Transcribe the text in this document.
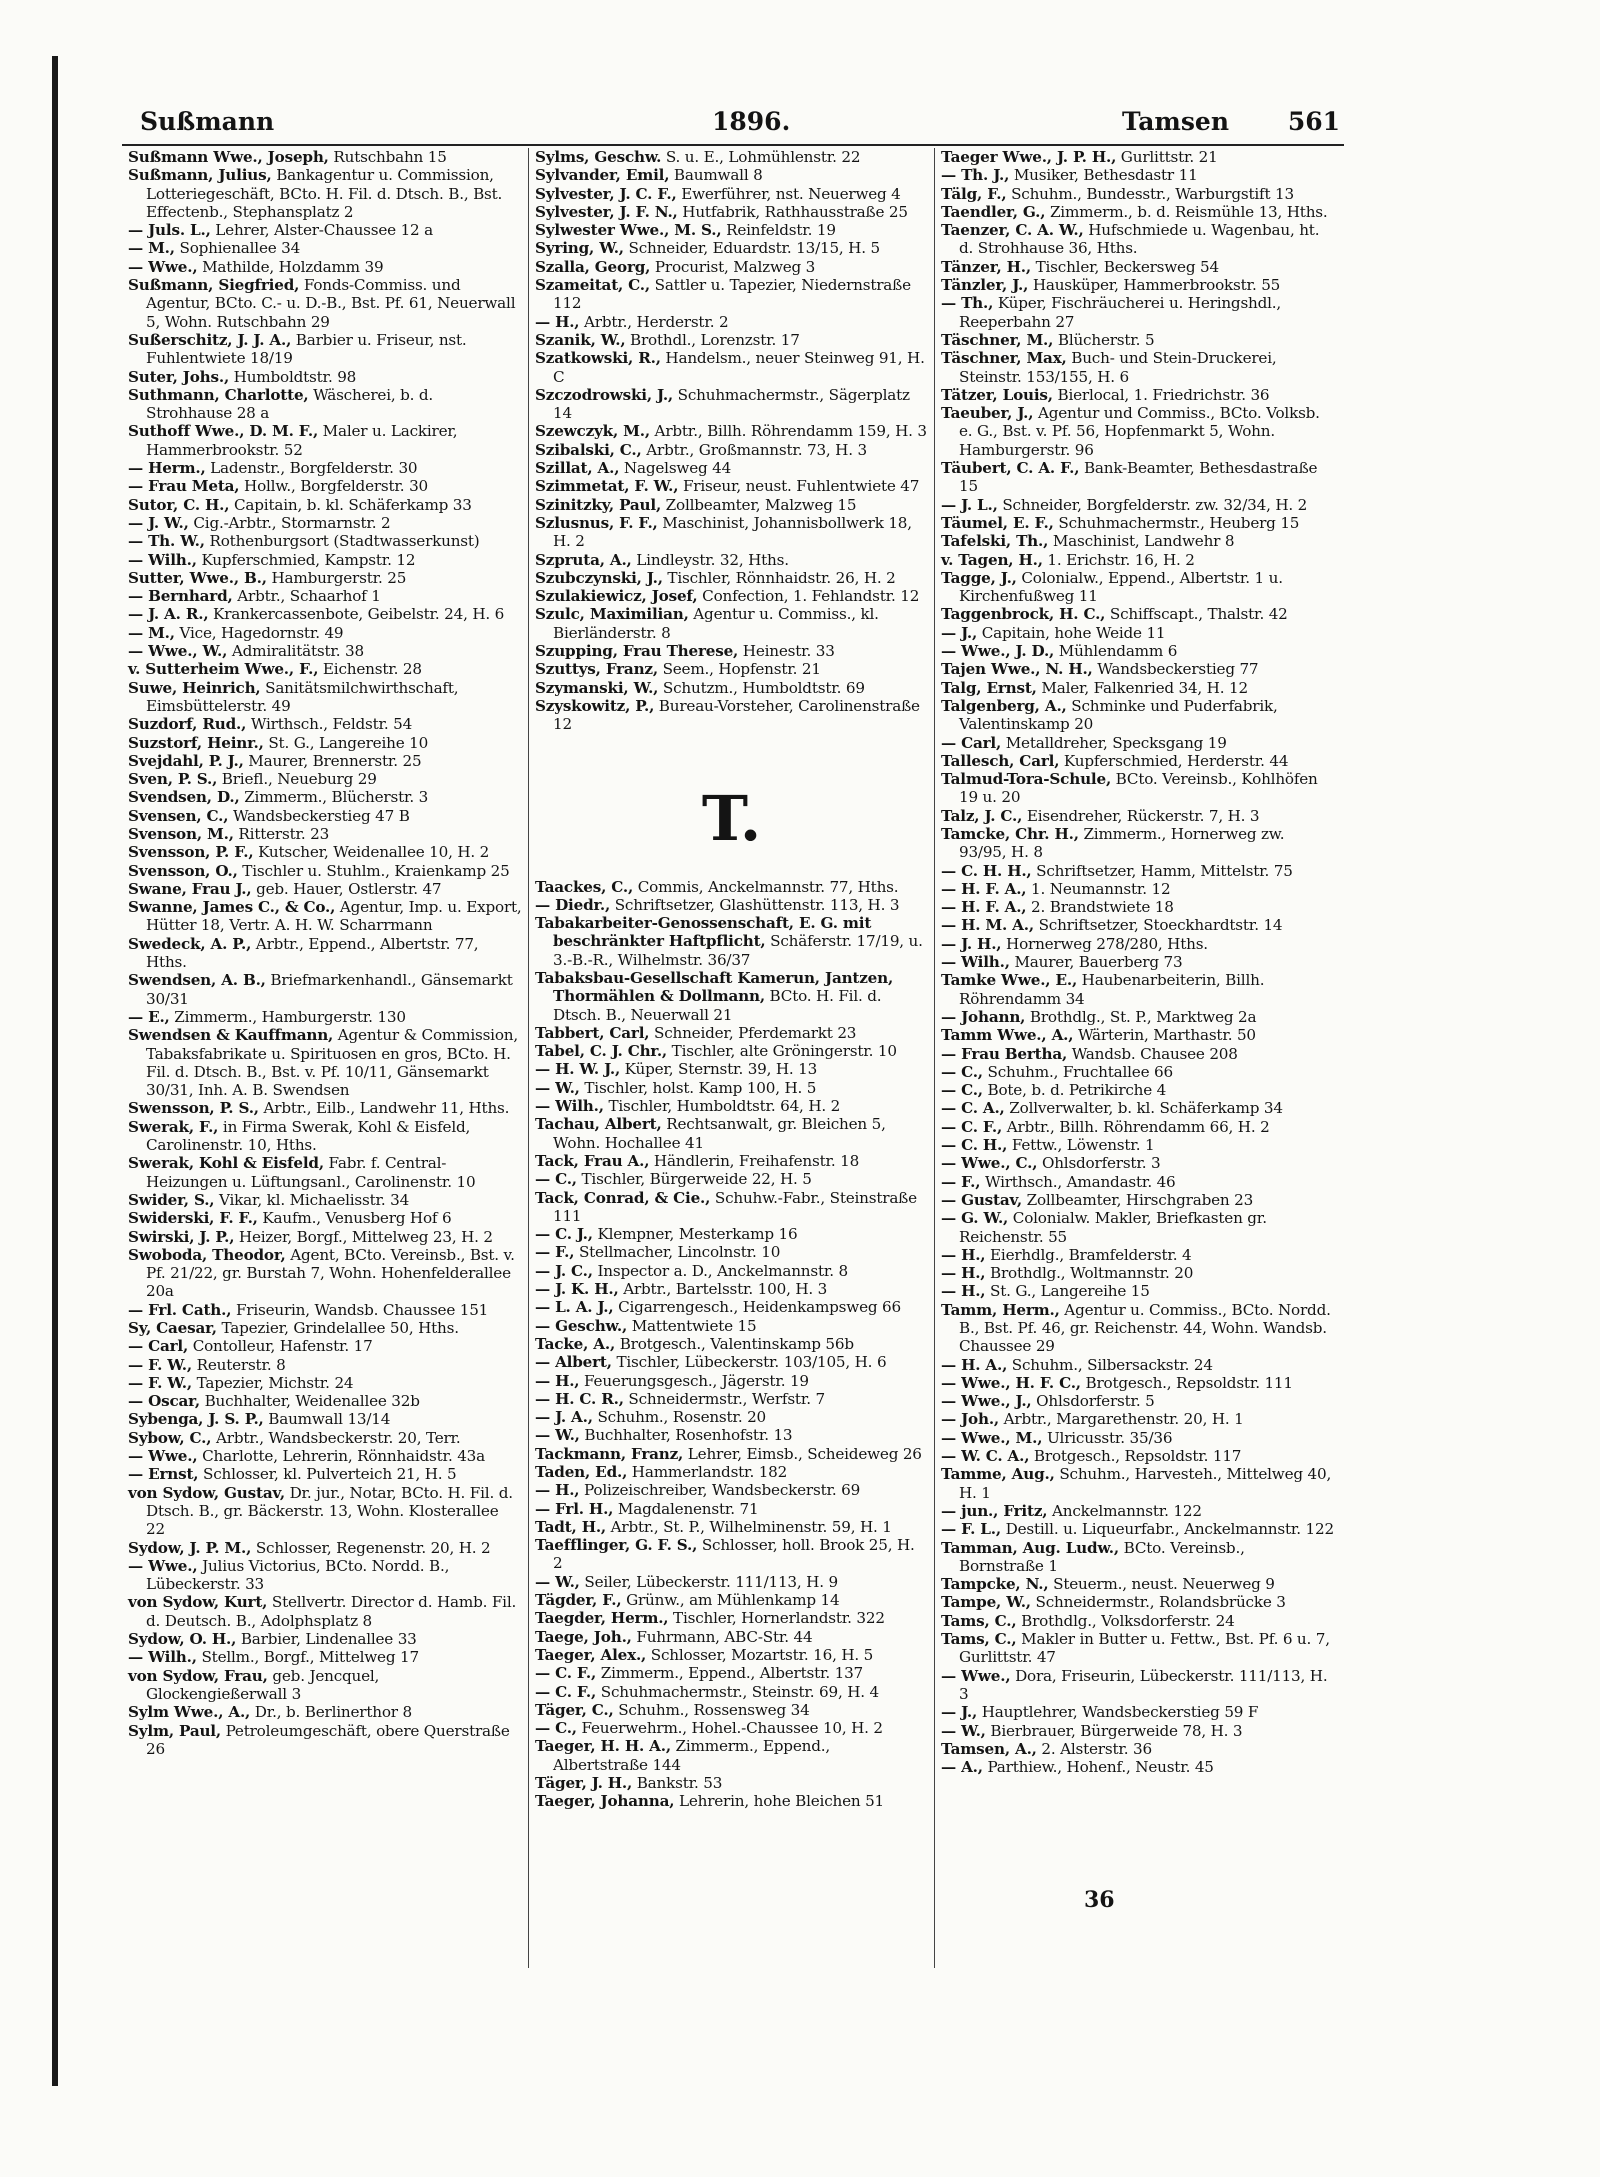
Sußmann	1896.	Tamsen 561

Sußmann Wwe., Joseph, Rutschbahn 15

Sußmann, Julius, Bankagentur u. Commission, Lotteriegeschäft, BCto. H. Fil. d. Dtsch. B., Bst. Effectenb., Stephansplatz 2

— Juls. L., Lehrer, Alster-Chaussee 12 a

— M., Sophienallee 34

— Wwe., Mathilde, Holzdamm 39

Sußmann, Siegfried, Fonds-Commiss. und Agentur, BCto. C.- u. D.-B., Bst. Pf. 61, Neuerwall 5, Wohn. Rutschbahn 29

Sußerschitz, J. J. A., Barbier u. Friseur, nst. Fuhlentwiete 18/19

Suter, Johs., Humboldtstr. 98

Suthmann, Charlotte, Wäscherei, b. d. Strohhause 28 a

Suthoff Wwe., D. M. F., Maler u. Lackirer, Hammerbrookstr. 52

— Herm., Ladenstr., Borgfelderstr. 30

— Frau Meta, Hollw., Borgfelderstr. 30

Sutor, C. H., Capitain, b. kl. Schäferkamp 33

— J. W., Cig.-Arbtr., Stormarnstr. 2

— Th. W., Rothenburgsort (Stadtwasserkunst)

— Wilh., Kupferschmied, Kampstr. 12

Sutter, Wwe., B., Hamburgerstr. 25

— Bernhard, Arbtr., Schaarhof 1

— J. A. R., Krankercassenbote, Geibelstr. 24, H. 6

— M., Vice, Hagedornstr. 49

— Wwe., W., Admiralitätstr. 38

v. Sutterheim Wwe., F., Eichenstr. 28

Suwe, Heinrich, Sanitätsmilchwirthschaft, Eimsbüttelerstr. 49

Suzdorf, Rud., Wirthsch., Feldstr. 54

Suzstorf, Heinr., St. G., Langereihe 10

Svejdahl, P. J., Maurer, Brennerstr. 25

Sven, P. S., Briefl., Neueburg 29

Svendsen, D., Zimmerm., Blücherstr. 3

Svensen, C., Wandsbeckerstieg 47 B

Svenson, M., Ritterstr. 23

Svensson, P. F., Kutscher, Weidenallee 10, H. 2

Svensson, O., Tischler u. Stuhlm., Kraienkamp 25

Swane, Frau J., geb. Hauer, Ostlerstr. 47

Swanne, James C., & Co., Agentur, Imp. u. Export, Hütter 18, Vertr. A. H. W. Scharrmann

Swedeck, A. P., Arbtr., Eppend., Albertstr. 77, Hths.

Swendsen, A. B., Briefmarkenhandl., Gänsemarkt 30/31

— E., Zimmerm., Hamburgerstr. 130

Swendsen & Kauffmann, Agentur & Commission, Tabaksfabrikate u. Spirituosen en gros, BCto. H. Fil. d. Dtsch. B., Bst. v. Pf. 10/11, Gänsemarkt 30/31, Inh. A. B. Swendsen

Swensson, P. S., Arbtr., Eilb., Landwehr 11, Hths.

Swerak, F., in Firma Swerak, Kohl & Eisfeld, Carolinenstr. 10, Hths.

Swerak, Kohl & Eisfeld, Fabr. f. Central-Heizungen u. Lüftungsanl., Carolinenstr. 10

Swider, S., Vikar, kl. Michaelisstr. 34

Swiderski, F. F., Kaufm., Venusberg Hof 6

Swirski, J. P., Heizer, Borgf., Mittelweg 23, H. 2

Swoboda, Theodor, Agent, BCto. Vereinsb., Bst. v. Pf. 21/22, gr. Burstah 7, Wohn. Hohenfelderallee 20a

— Frl. Cath., Friseurin, Wandsb. Chaussee 151

Sy, Caesar, Tapezier, Grindelallee 50, Hths.

— Carl, Contolleur, Hafenstr. 17

— F. W., Reuterstr. 8

— F. W., Tapezier, Michstr. 24

— Oscar, Buchhalter, Weidenallee 32b

Sybenga, J. S. P., Baumwall 13/14

Sybow, C., Arbtr., Wandsbeckerstr. 20, Terr.

— Wwe., Charlotte, Lehrerin, Rönnhaidstr. 43a

— Ernst, Schlosser, kl. Pulverteich 21, H. 5

von Sydow, Gustav, Dr. jur., Notar, BCto. H. Fil. d. Dtsch. B., gr. Bäckerstr. 13, Wohn. Klosterallee 22

Sydow, J. P. M., Schlosser, Regenenstr. 20, H. 2

— Wwe., Julius Victorius, BCto. Nordd. B., Lübeckerstr. 33

von Sydow, Kurt, Stellvertr. Director d. Hamb. Fil. d. Deutsch. B., Adolphsplatz 8

Sydow, O. H., Barbier, Lindenallee 33

— Wilh., Stellm., Borgf., Mittelweg 17

von Sydow, Frau, geb. Jencquel, Glockengießerwall 3

Sylm Wwe., A., Dr., b. Berlinerthor 8

Sylm, Paul, Petroleumgeschäft, obere Querstraße 26

Sylms, Geschw. S. u. E., Lohmühlenstr. 22

Sylvander, Emil, Baumwall 8

Sylvester, J. C. F., Ewerführer, nst. Neuerweg 4

Sylvester, J. F. N., Hutfabrik, Rathhausstraße 25

Sylwester Wwe., M. S., Reinfeldstr. 19

Syring, W., Schneider, Eduardstr. 13/15, H. 5

Szalla, Georg, Procurist, Malzweg 3

Szameitat, C., Sattler u. Tapezier, Niedernstraße 112

— H., Arbtr., Herderstr. 2

Szanik, W., Brothdl., Lorenzstr. 17

Szatkowski, R., Handelsm., neuer Steinweg 91, H. C

Szczodrowski, J., Schuhmachermstr., Sägerplatz 14

Szewczyk, M., Arbtr., Billh. Röhrendamm 159, H. 3

Szibalski, C., Arbtr., Großmannstr. 73, H. 3

Szillat, A., Nagelsweg 44

Szimmetat, F. W., Friseur, neust. Fuhlentwiete 47

Szinitzky, Paul, Zollbeamter, Malzweg 15

Szlusnus, F. F., Maschinist, Johannisbollwerk 18, H. 2

Szpruta, A., Lindleystr. 32, Hths.

Szubczynski, J., Tischler, Rönnhaidstr. 26, H. 2

Szulakiewicz, Josef, Confection, 1. Fehlandstr. 12

Szulc, Maximilian, Agentur u. Commiss., kl. Bierländerstr. 8

Szupping, Frau Therese, Heinestr. 33

Szuttys, Franz, Seem., Hopfenstr. 21

Szymanski, W., Schutzm., Humboldtstr. 69

Szyskowitz, P., Bureau-Vorsteher, Carolinenstraße 12

T.

Taackes, C., Commis, Anckelmannstr. 77, Hths.

— Diedr., Schriftsetzer, Glashüttenstr. 113, H. 3

Tabakarbeiter-Genossenschaft, E. G. mit beschränkter Haftpflicht, Schäferstr. 17/19, u. 3.-B.-R., Wilhelmstr. 36/37

Tabaksbau-Gesellschaft Kamerun, Jantzen, Thormählen & Dollmann, BCto. H. Fil. d. Dtsch. B., Neuerwall 21

Tabbert, Carl, Schneider, Pferdemarkt 23

Tabel, C. J. Chr., Tischler, alte Gröningerstr. 10

— H. W. J., Küper, Sternstr. 39, H. 13

— W., Tischler, holst. Kamp 100, H. 5

— Wilh., Tischler, Humboldtstr. 64, H. 2

Tachau, Albert, Rechtsanwalt, gr. Bleichen 5, Wohn. Hochallee 41

Tack, Frau A., Händlerin, Freihafenstr. 18

— C., Tischler, Bürgerweide 22, H. 5

Tack, Conrad, & Cie., Schuhw.-Fabr., Steinstraße 111

— C. J., Klempner, Mesterkamp 16

— F., Stellmacher, Lincolnstr. 10

— J. C., Inspector a. D., Anckelmannstr. 8

— J. K. H., Arbtr., Bartelsstr. 100, H. 3

— L. A. J., Cigarrengesch., Heidenkampsweg 66

— Geschw., Mattentwiete 15

Tacke, A., Brotgesch., Valentinskamp 56b

— Albert, Tischler, Lübeckerstr. 103/105, H. 6

— H., Feuerungsgesch., Jägerstr. 19

— H. C. R., Schneidermstr., Werfstr. 7

— J. A., Schuhm., Rosenstr. 20

— W., Buchhalter, Rosenhofstr. 13

Tackmann, Franz, Lehrer, Eimsb., Scheideweg 26

Taden, Ed., Hammerlandstr. 182

— H., Polizeischreiber, Wandsbeckerstr. 69

— Frl. H., Magdalenenstr. 71

Tadt, H., Arbtr., St. P., Wilhelminenstr. 59, H. 1

Taefflinger, G. F. S., Schlosser, holl. Brook 25, H. 2

— W., Seiler, Lübeckerstr. 111/113, H. 9

Tägder, F., Grünw., am Mühlenkamp 14

Taegder, Herm., Tischler, Hornerlandstr. 322

Taege, Joh., Fuhrmann, ABC-Str. 44

Taeger, Alex., Schlosser, Mozartstr. 16, H. 5

— C. F., Zimmerm., Eppend., Albertstr. 137

— C. F., Schuhmachermstr., Steinstr. 69, H. 4

Täger, C., Schuhm., Rossensweg 34

— C., Feuerwehrm., Hohel.-Chaussee 10, H. 2

Taeger, H. H. A., Zimmerm., Eppend., Albertstraße 144

Täger, J. H., Bankstr. 53

Taeger, Johanna, Lehrerin, hohe Bleichen 51

Taeger Wwe., J. P. H., Gurlittstr. 21

— Th. J., Musiker, Bethesdastr 11

Tälg, F., Schuhm., Bundesstr., Warburgstift 13

Taendler, G., Zimmerm., b. d. Reismühle 13, Hths.

Taenzer, C. A. W., Hufschmiede u. Wagenbau, ht. d. Strohhause 36, Hths.

Tänzer, H., Tischler, Beckersweg 54

Tänzler, J., Hausküper, Hammerbrookstr. 55

— Th., Küper, Fischräucherei u. Heringshdl., Reeperbahn 27

Täschner, M., Blücherstr. 5

Täschner, Max, Buch- und Stein-Druckerei, Steinstr. 153/155, H. 6

Tätzer, Louis, Bierlocal, 1. Friedrichstr. 36

Taeuber, J., Agentur und Commiss., BCto. Volksb. e. G., Bst. v. Pf. 56, Hopfenmarkt 5, Wohn. Hamburgerstr. 96

Täubert, C. A. F., Bank-Beamter, Bethesdastraße 15

— J. L., Schneider, Borgfelderstr. zw. 32/34, H. 2

Täumel, E. F., Schuhmachermstr., Heuberg 15

Tafelski, Th., Maschinist, Landwehr 8

v. Tagen, H., 1. Erichstr. 16, H. 2

Tagge, J., Colonialw., Eppend., Albertstr. 1 u. Kirchenfußweg 11

Taggenbrock, H. C., Schiffscapt., Thalstr. 42

— J., Capitain, hohe Weide 11

— Wwe., J. D., Mühlendamm 6

Tajen Wwe., N. H., Wandsbeckerstieg 77

Talg, Ernst, Maler, Falkenried 34, H. 12

Talgenberg, A., Schminke und Puderfabrik, Valentinskamp 20

— Carl, Metalldreher, Specksgang 19

Tallesch, Carl, Kupferschmied, Herderstr. 44

Talmud-Tora-Schule, BCto. Vereinsb., Kohlhöfen 19 u. 20

Talz, J. C., Eisendreher, Rückerstr. 7, H. 3

Tamcke, Chr. H., Zimmerm., Hornerweg zw. 93/95, H. 8

— C. H. H., Schriftsetzer, Hamm, Mittelstr. 75

— H. F. A., 1. Neumannstr. 12

— H. F. A., 2. Brandstwiete 18

— H. M. A., Schriftsetzer, Stoeckhardtstr. 14

— J. H., Hornerweg 278/280, Hths.

— Wilh., Maurer, Bauerberg 73

Tamke Wwe., E., Haubenarbeiterin, Billh. Röhrendamm 34

— Johann, Brothdlg., St. P., Marktweg 2a

Tamm Wwe., A., Wärterin, Marthastr. 50

— Frau Bertha, Wandsb. Chausee 208

— C., Schuhm., Fruchtallee 66

— C., Bote, b. d. Petrikirche 4

— C. A., Zollverwalter, b. kl. Schäferkamp 34

— C. F., Arbtr., Billh. Röhrendamm 66, H. 2

— C. H., Fettw., Löwenstr. 1

— Wwe., C., Ohlsdorferstr. 3

— F., Wirthsch., Amandastr. 46

— Gustav, Zollbeamter, Hirschgraben 23

— G. W., Colonialw. Makler, Briefkasten gr. Reichenstr. 55

— H., Eierhdlg., Bramfelderstr. 4

— H., Brothdlg., Woltmannstr. 20

— H., St. G., Langereihe 15

Tamm, Herm., Agentur u. Commiss., BCto. Nordd. B., Bst. Pf. 46, gr. Reichenstr. 44, Wohn. Wandsb. Chaussee 29

— H. A., Schuhm., Silbersackstr. 24

— Wwe., H. F. C., Brotgesch., Repsoldstr. 111

— Wwe., J., Ohlsdorferstr. 5

— Joh., Arbtr., Margarethenstr. 20, H. 1

— Wwe., M., Ulricusstr. 35/36

— W. C. A., Brotgesch., Repsoldstr. 117

Tamme, Aug., Schuhm., Harvesteh., Mittelweg 40, H. 1

— jun., Fritz, Anckelmannstr. 122

— F. L., Destill. u. Liqueurfabr., Anckelmannstr. 122

Tamman, Aug. Ludw., BCto. Vereinsb., Bornstraße 1

Tampcke, N., Steuerm., neust. Neuerweg 9

Tampe, W., Schneidermstr., Rolandsbrücke 3

Tams, C., Brothdlg., Volksdorferstr. 24

Tams, C., Makler in Butter u. Fettw., Bst. Pf. 6 u. 7, Gurlittstr. 47

— Wwe., Dora, Friseurin, Lübeckerstr. 111/113, H. 3

— J., Hauptlehrer, Wandsbeckerstieg 59 F

— W., Bierbrauer, Bürgerweide 78, H. 3

Tamsen, A., 2. Alsterstr. 36

— A., Parthiew., Hohenf., Neustr. 45

36
